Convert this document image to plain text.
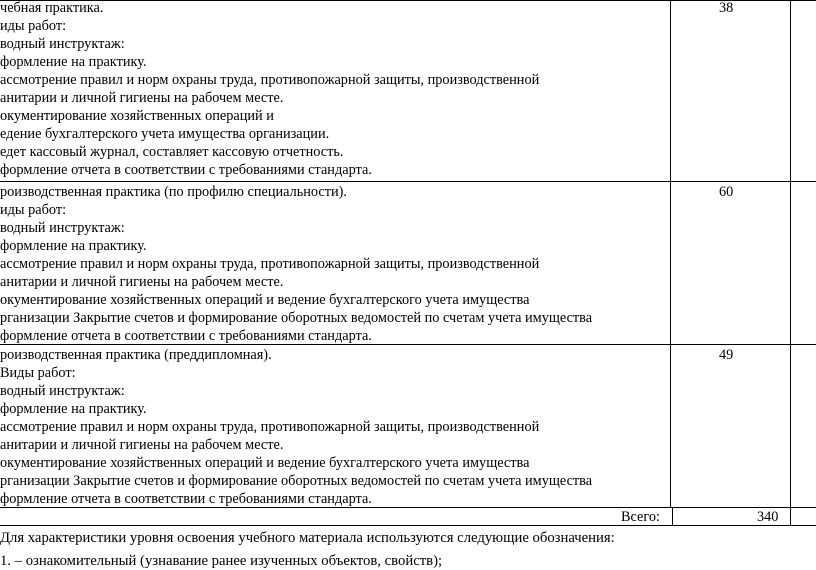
чебная практика.
иды работ:
водный инструктаж:
формление на практику.
ассмотрение правил и норм охраны труда, противопожарной защиты, производственной
анитарии и личной гигиены на рабочем месте.
окументирование хозяйственных операций и
едение бухгалтерского учета имущества организации.
едет кассовый журнал, составляет кассовую отчетность.
формление отчета в соответствии с требованиями стандарта.
38
роизводственная практика (по профилю специальности).
иды работ:
водный инструктаж:
формление на практику.
ассмотрение правил и норм охраны труда, противопожарной защиты, производственной
анитарии и личной гигиены на рабочем месте.
окументирование хозяйственных операций и ведение бухгалтерского учета имущества
рганизации Закрытие счетов и формирование оборотных ведомостей по счетам учета имущества
формление отчета в соответствии с требованиями стандарта.
60
роизводственная практика (преддипломная).
Виды работ:
водный инструктаж:
формление на практику.
ассмотрение правил и норм охраны труда, противопожарной защиты, производственной
анитарии и личной гигиены на рабочем месте.
окументирование хозяйственных операций и ведение бухгалтерского учета имущества
рганизации Закрытие счетов и формирование оборотных ведомостей по счетам учета имущества
формление отчета в соответствии с требованиями стандарта.
49
Всего:	340
Для характеристики уровня освоения учебного материала используются следующие обозначения:
1. – ознакомительный (узнавание ранее изученных объектов, свойств);
